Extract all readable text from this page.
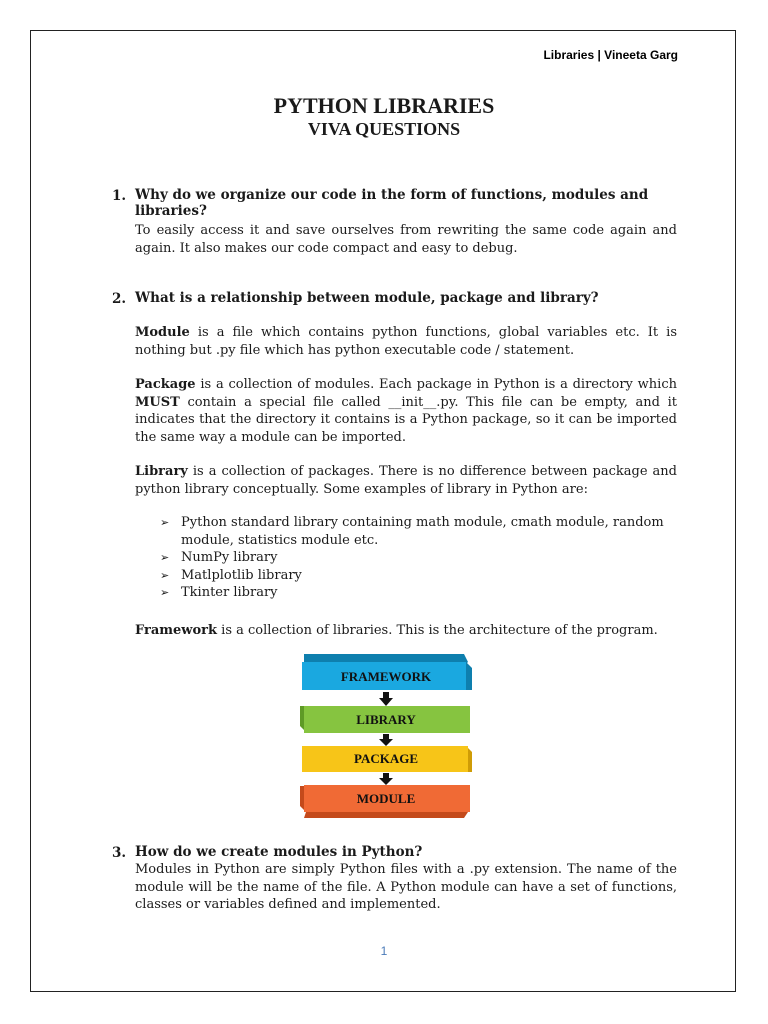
Libraries | Vineeta Garg
PYTHON LIBRARIES
VIVA QUESTIONS
1. Why do we organize our code in the form of functions, modules and
libraries?
To easily access it and save ourselves from rewriting the same code again and again. It also makes our code compact and easy to debug.
2. What is a relationship between module, package and library?
Module is a file which contains python functions, global variables etc. It is nothing but .py file which has python executable code / statement.
Package is a collection of modules. Each package in Python is a directory which MUST contain a special file called __init__.py. This file can be empty, and it indicates that the directory it contains is a Python package, so it can be imported the same way a module can be imported.
Library is a collection of packages. There is no difference between package and python library conceptually. Some examples of library in Python are:
➢ Python standard library containing math module, cmath module, random module, statistics module etc.
➢ NumPy library
➢ Matlplotlib library
➢ Tkinter library
Framework is a collection of libraries. This is the architecture of the program.
FRAMEWORK
LIBRARY
PACKAGE
MODULE
3. How do we create modules in Python?
Modules in Python are simply Python files with a .py extension. The name of the module will be the name of the file. A Python module can have a set of functions, classes or variables defined and implemented.
1
